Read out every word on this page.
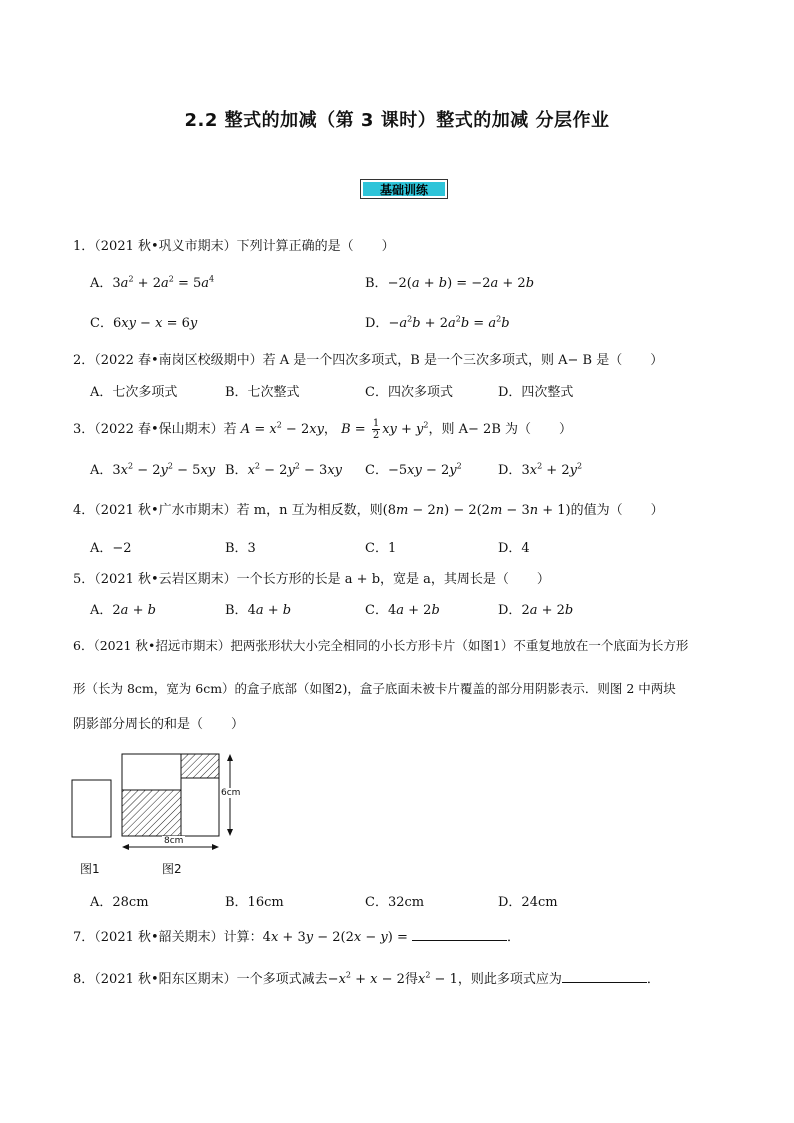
2.2 整式的加减（第 3 课时）整式的加减 分层作业
基础训练
1．（2021 秋•巩义市期末）下列计算正确的是（ ）
A．$3a^2 + 2a^2 = 5a^4$	B．−2(a + b) = −2a + 2b
C．6xy − x = 6y	D．$-a^2b + 2a^2b = a^2b$
2．（2022 春•南岗区校级期中）若 A 是一个四次多项式，B 是一个三次多项式，则 A− B 是（ ）
A．七次多项式	B．七次整式	C．四次多项式	D．四次整式
3．（2022 春•保山期末）若 $A = x^2 - 2xy$， $B = \frac{1}{2}$ xy + $y^2$，则 A− 2B 为（ ）
A．$3x^2 - 2y^2 - 5xy$ B．$x^2 - 2y^2 - 3xy$ C．$-5xy - 2y^2$	D．$3x^2 + 2y^2$
4．（2021 秋•广水市期末）若 m，n 互为相反数，则(8m − 2n) − 2(2m − 3n + 1)的值为（ ）
A．−2	B．3	C．1	D．4
5．（2021 秋•云岩区期末）一个长方形的长是 a + b，宽是 a，其周长是（ ）
A．2a + b	B．4a + b	C．4a + 2b	D．2a + 2b
6．（2021 秋•招远市期末）把两张形状大小完全相同的小长方形卡片（如图1）不重复地放在一个底面为长方形
形（长为 8cm，宽为 6cm）的盒子底部（如图2)，盒子底面未被卡片覆盖的部分用阴影表示．则图 2 中两块
阴影部分周长的和是（ ）
8cm
6cm
图1	图2
A．28cm	B．16cm	C．32cm	D．24cm
7．（2021 秋•韶关期末）计算：4x + 3y − 2(2x − y) =	．
8．（2021 秋•阳东区期末）一个多项式减去$-x^2 + x - 2$得$x^2 - 1$，则此多项式应为	．
